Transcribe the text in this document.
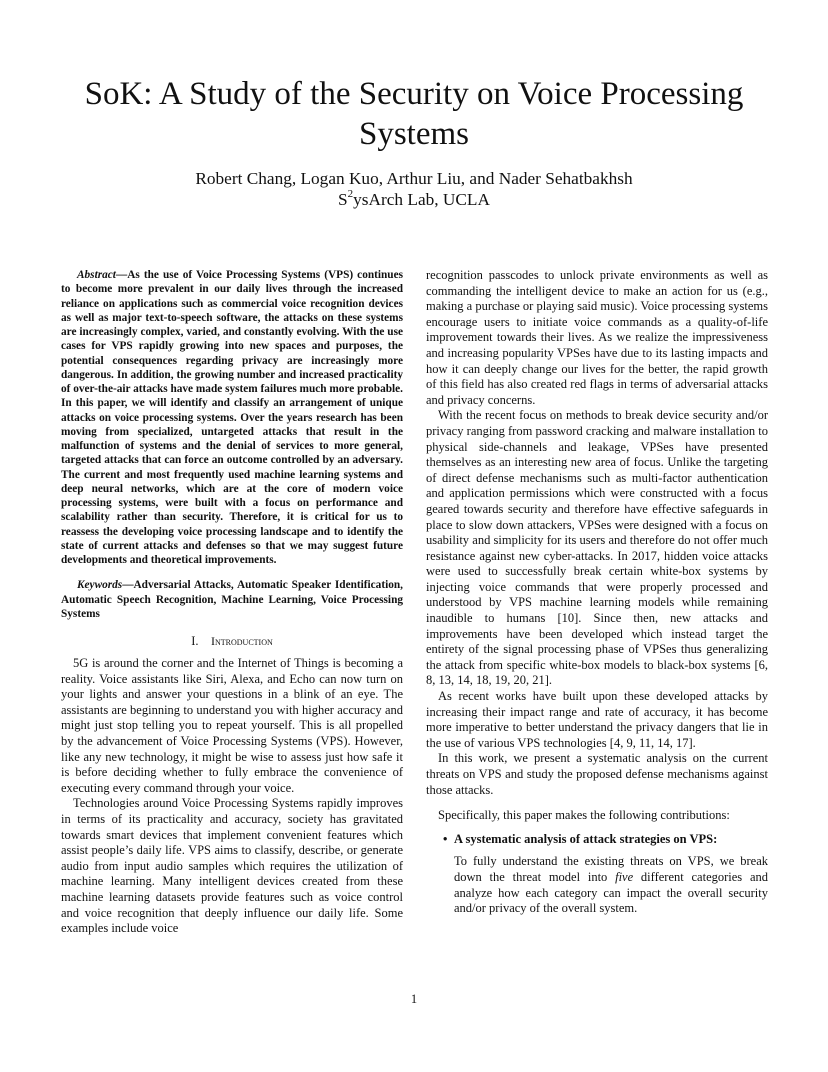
SoK: A Study of the Security on Voice Processing Systems
Robert Chang, Logan Kuo, Arthur Liu, and Nader Sehatbakhsh
$S^2ysArch$ Lab, UCLA

Abstract—As the use of Voice Processing Systems (VPS) continues to become more prevalent in our daily lives through the increased reliance on applications such as commercial voice recognition devices as well as major text-to-speech software, the attacks on these systems are increasingly complex, varied, and constantly evolving. With the use cases for VPS rapidly growing into new spaces and purposes, the potential consequences regarding privacy are increasingly more dangerous. In addition, the growing number and increased practicality of over-the-air attacks have made system failures much more probable. In this paper, we will identify and classify an arrangement of unique attacks on voice processing systems. Over the years research has been moving from specialized, untargeted attacks that result in the malfunction of systems and the denial of services to more general, targeted attacks that can force an outcome controlled by an adversary. The current and most frequently used machine learning systems and deep neural networks, which are at the core of modern voice processing systems, were built with a focus on performance and scalability rather than security. Therefore, it is critical for us to reassess the developing voice processing landscape and to identify the state of current attacks and defenses so that we may suggest future developments and theoretical improvements.

Keywords—Adversarial Attacks, Automatic Speaker Identification, Automatic Speech Recognition, Machine Learning, Voice Processing Systems

I. Introduction

5G is around the corner and the Internet of Things is becoming a reality. Voice assistants like Siri, Alexa, and Echo can now turn on your lights and answer your questions in a blink of an eye. The assistants are beginning to understand you with higher accuracy and might just stop telling you to repeat yourself. This is all propelled by the advancement of Voice Processing Systems (VPS). However, like any new technology, it might be wise to assess just how safe it is before deciding whether to fully embrace the convenience of executing every command through your voice.

Technologies around Voice Processing Systems rapidly improves in terms of its practicality and accuracy, society has gravitated towards smart devices that implement convenient features which assist people’s daily life. VPS aims to classify, describe, or generate audio from input audio samples which requires the utilization of machine learning. Many intelligent devices created from these machine learning datasets provide features such as voice control and voice recognition that deeply influence our daily life. Some examples include voice

recognition passcodes to unlock private environments as well as commanding the intelligent device to make an action for us (e.g., making a purchase or playing said music). Voice processing systems encourage users to initiate voice commands as a quality-of-life improvement towards their lives. As we realize the impressiveness and increasing popularity VPSes have due to its lasting impacts and how it can deeply change our lives for the better, the rapid growth of this field has also created red flags in terms of adversarial attacks and privacy concerns.

With the recent focus on methods to break device security and/or privacy ranging from password cracking and malware installation to physical side-channels and leakage, VPSes have presented themselves as an interesting new area of focus. Unlike the targeting of direct defense mechanisms such as multi-factor authentication and application permissions which were constructed with a focus geared towards security and therefore have effective safeguards in place to slow down attackers, VPSes were designed with a focus on usability and simplicity for its users and therefore do not offer much resistance against new cyber-attacks. In 2017, hidden voice attacks were used to successfully break certain white-box systems by injecting voice commands that were properly processed and understood by VPS machine learning models while remaining inaudible to humans [10]. Since then, new attacks and improvements have been developed which instead target the entirety of the signal processing phase of VPSes thus generalizing the attack from specific white-box models to black-box systems [6, 8, 13, 14, 18, 19, 20, 21].

As recent works have built upon these developed attacks by increasing their impact range and rate of accuracy, it has become more imperative to better understand the privacy dangers that lie in the use of various VPS technologies [4, 9, 11, 14, 17].

In this work, we present a systematic analysis on the current threats on VPS and study the proposed defense mechanisms against those attacks.

Specifically, this paper makes the following contributions:

• A systematic analysis of attack strategies on VPS:

To fully understand the existing threats on VPS, we break down the threat model into five different categories and analyze how each category can impact the overall security and/or privacy of the overall system.

1
